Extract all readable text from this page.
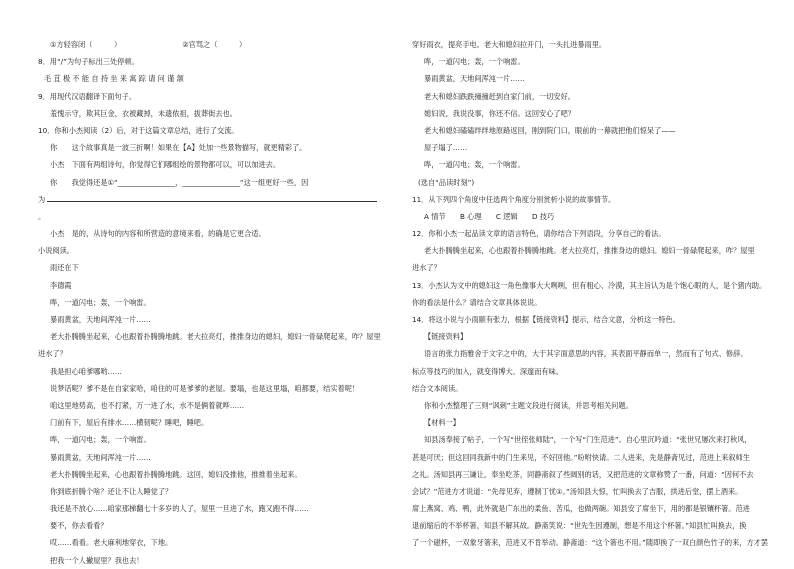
①方轻容闭（　　　）　　　　　　　　　②官骂之（　　　）
8．用“/”为句子标出三处停顿。
毛 苴 极 不 能 自 持 坐 来 寓 踪 请 问 谨 颔
9．用现代汉语翻译下面句子。
羞愧示守，欺其巨金，衣被藏掉，未遗侬祖，拔葬街去也。
10．你和小杰阅读（2）后，对于这篇文章总结，进行了交流。
你　　这个故事真是一波三折啊！如果在【A】处加一些景物描写，就更精彩了。
小杰　下面有两组诗句，你觉得它们哪组绘的景物都可以，可以加进去。
你　　我觉得还是①“________________，________________”这一组更好一些，因
为
。
小杰　是的，从诗句的内容和所营造的意境来看，的确是它更合适。
小说阅读。
雨还在下
李德霞
哗，一道闪电；轰，一个响雷。
暴雨黄盆，天地间浑沌一片……
老大扑腾腾坐起来，心也跟着扑腾腾地跳。老大拉亮灯，推推身边的媳妇，媳妇一骨碌爬起来，咋？屋里
进水了？
我是担心咱爹哪哟……
说梦话呢？爹不是在自家家哈，咱住的可是爹爹的老屋。要塌，也是这里塌，咱都要，结实着呢！
咱这里地势高，也不打紧，万一进了水，水不是俩着就哗……
门前有下，屋后有排水……横韧呢？睡吧，睡吧。
哗，一道闪电；轰，一个响雷。
暴雨黄盆，天地间浑沌一片……
老大扑腾腾坐起来，心也跟着扑腾腾地跳。这回，媳妇没推他，推推着坐起来。
你到底折腾个啥？还让不让人睡觉了？
我还是不放心……咱家那梯翻七十多岁的人了，屋里一旦进了水，跑又跑不得……
要不，你去看看？
哎……看看。老大麻利地穿衣，下地。
把我一个人撇屋里？我也去！
穿好雨衣，提亮手电。老大和媳妇拉开门，一头扎进暴雨里。
哗，一道闪电；轰，一个响雷。
暴雨黄盆，天地间浑沌一片……
老大和媳妇跌跌撞撞赶到自家门前，一切安好。
媳妇说，我说没事，你还不信。这回安心了吧？
老大和媳妇磕磕绊绊地原路返回，刚到院门口，眼前的一幕就把他们惊呆了——
屋子塌了……
哗，一道闪电；轰，一个响雷。
(选自“品读时刻”)
11．从下列四个角度中任选两个角度分别赏析小说的故事情节。
A 情节　　B 心理　　C 逻辑　　D 技巧
12．你和小杰一起品读文章的语言特色，请你结合下列语段，分享自己的看法。
老大扑腾腾坐起来，心也跟着扑腾腾地跳。老大拉亮灯，推推身边的媳妇。媳妇一骨碌爬起来，咋？屋里
进水了？
13．小杰认为文中的媳妇这一角色像事大大咧咧，但有粗心、冷漠，其主旨认为是个饱心眼的人，是个猪内助。
你的看法是什么？请结合文章具体说说。
14．将这小说与小雨颐有张力，根据【链接资料】提示，结合文意，分析这一特色。
【链接资料】
语言的张力指雅舍于文字之中的，大于其字面意思的内容，其表面平静而单一，然而有了句式、修辞、
标点等技巧的加入，就变得博大、深邃而有味。
结合文本阅读。
你和小杰整理了三则“讽刺”主题文段进行阅读，并思考相关问题。
【材料一】
知县汤奉接了帖子，一个写“世侄张师陆”，一个写“门生范进”。自心里沉吟道：“张世兄屡次来打秋风，
甚是可厌；但这回同我新中的门生来见，不好回他。”吩咐快请。二人进来，先是静斋见过，范进上来叙师生
之礼。汤知县再三谦让，奉坐吃茶，同静斋叙了些阔别的话，又把范进的文章称赞了一番，问道：“因何不去
会试？”范进方才说道：“先母见弃，遵制丁忧①。”汤知县大惊，忙叫换去了吉服，拱进后堂，摆上酒来。
席上燕窝、鸡、鸭，此外就是广东出的柔鱼、苦瓜，也做两碗。知县安了席坐下，用的都是银镶杯箸。范进
退前缩后的不举杯箸，知县不解其故。静斋笑说：“世先生因遵制，想是不用这个杯箸。”知县忙叫换去，换
了一个磁杯，一双象牙箸来，范进又不肯举动。静斋道：“这个箸也不用。”随即换了一双白颜色竹子的来，方才罢
